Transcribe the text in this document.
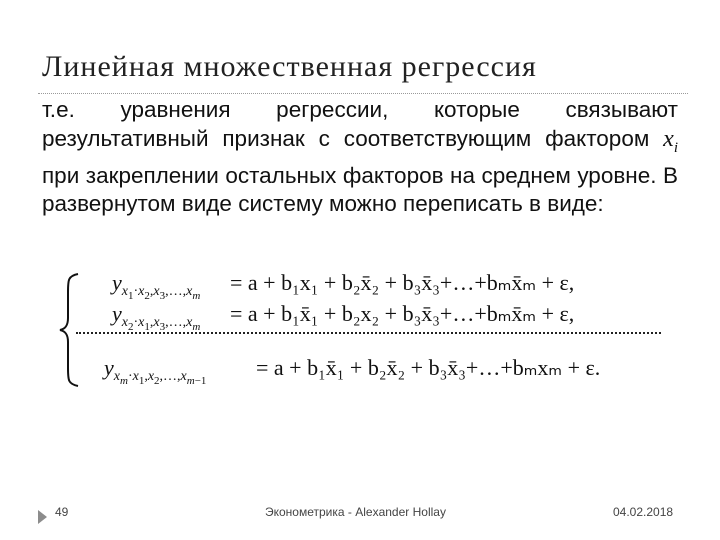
Линейная множественная регрессия

т.е. уравнения регрессии, которые связывают результативный признак с соответствующим фактором $x_i$ при закреплении остальных факторов на среднем уровне. В развернутом виде систему можно переписать в виде:

$y_{x_1\cdot x_2,x_3,\dots,x_m}$
= a + b₁x₁ + b₂x̄₂ + b₃x̄₃+…+bₘx̄ₘ + ε,
$y_{x_2\cdot x_1,x_3,\dots,x_m}$
= a + b₁x̄₁ + b₂x₂ + b₃x̄₃+…+bₘx̄ₘ + ε,
$y_{x_m\cdot x_1,x_2,\dots,x_{m-1}}$
= a + b₁x̄₁ + b₂x̄₂ + b₃x̄₃+…+bₘxₘ + ε.
49	Эконометрика - Alexander Hollay	04.02.2018
